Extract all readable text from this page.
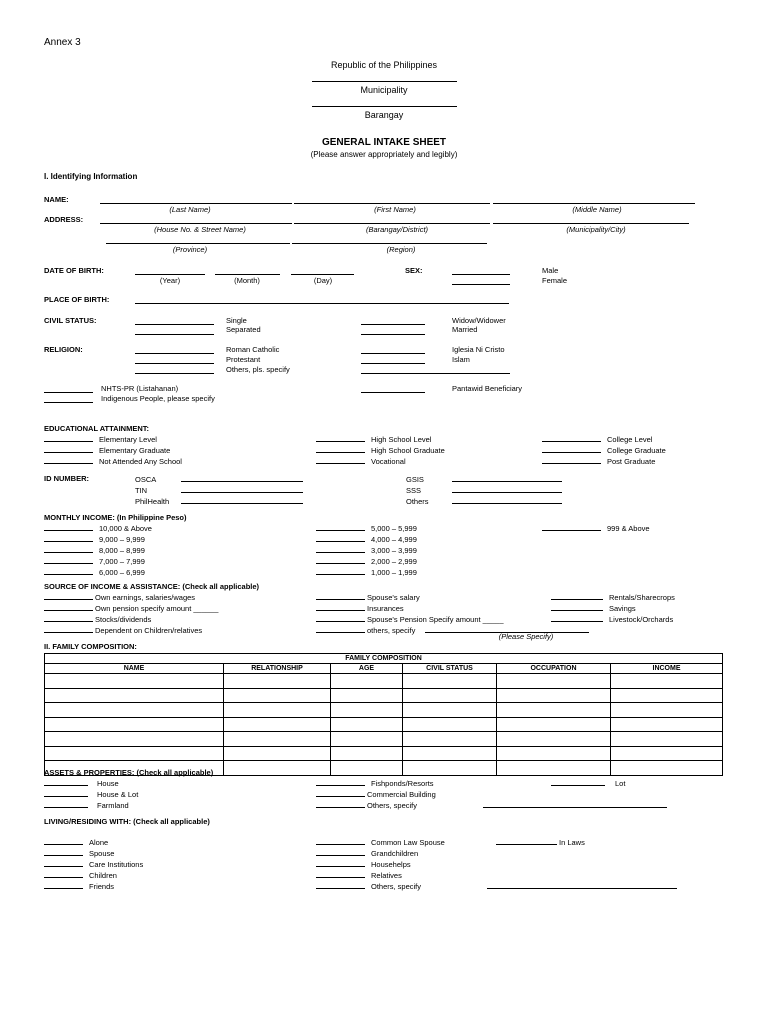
Annex 3
Republic of the Philippines
Municipality
Barangay
GENERAL INTAKE SHEET
(Please answer appropriately and legibly)
I. Identifying Information
NAME:
(Last Name)	(First Name)	(Middle Name)
ADDRESS:
(House No. & Street Name)	(Barangay/District)	(Municipality/City)
(Province)	(Region)
DATE OF BIRTH:
(Year)	(Month)	(Day)
SEX:	Male
Female
PLACE OF BIRTH:
CIVIL STATUS:	Single
Separated
Widow/Widower
Married
RELIGION:	Roman Catholic
Protestant
Others, pls. specify
Iglesia Ni Cristo
Islam
NHTS-PR (Listahanan)
Indigenous People, please specify
Pantawid Beneficiary
EDUCATIONAL ATTAINMENT:
Elementary Level
Elementary Graduate
Not Attended Any School
High School Level
High School Graduate
Vocational
College Level
College Graduate
Post Graduate
ID NUMBER:	OSCA
TIN
PhilHealth
GSIS
SSS
Others
MONTHLY INCOME: (In Philippine Peso)
10,000 & Above
9,000 – 9,999
8,000 – 8,999
7,000 – 7,999
6,000 – 6,999
5,000 – 5,999
4,000 – 4,999
3,000 – 3,999
2,000 – 2,999
1,000 – 1,999
999 & Above
SOURCE OF INCOME & ASSISTANCE: (Check all applicable)
Own earnings, salaries/wages
Own pension specify amount ______
Stocks/dividends
Dependent on Children/relatives
Spouse's salary
Insurances
Spouse's Pension Specify amount _____
others, specify
Rentals/Sharecrops
Savings
Livestock/Orchards
(Please Specify)
II. FAMILY COMPOSITION:
FAMILY COMPOSITION					
NAME	RELATIONSHIP	AGE	CIVIL STATUS	OCCUPATION	INCOME

ASSETS & PROPERTIES: (Check all applicable)
House
House & Lot
Farmland
Fishponds/Resorts
Commercial Building
Others, specify
Lot
LIVING/RESIDING WITH: (Check all applicable)
Alone
Spouse
Care Institutions
Children
Friends
Common Law Spouse
Grandchildren
Househelps
Relatives
Others, specify
In Laws
